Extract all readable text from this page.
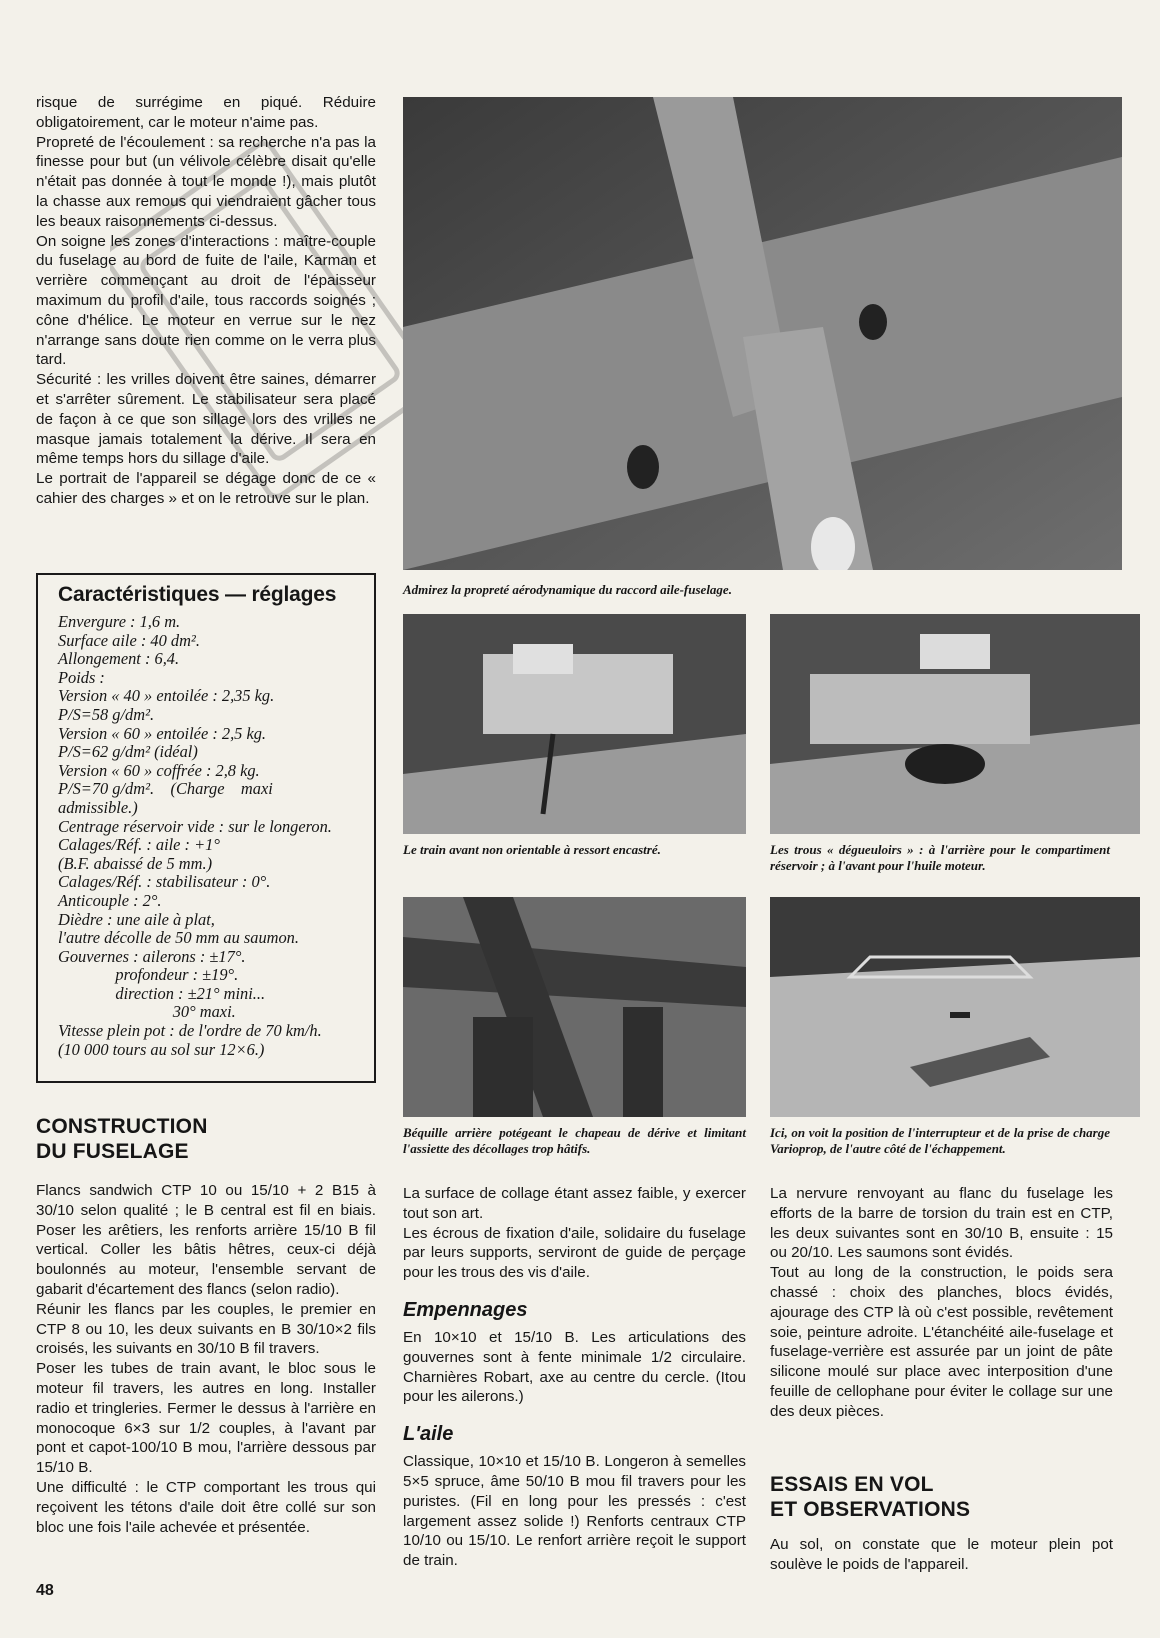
risque de surrégime en piqué. Réduire obligatoirement, car le moteur n'aime pas.

Propreté de l'écoulement : sa recherche n'a pas la finesse pour but (un vélivole célèbre disait qu'elle n'était pas donnée à tout le monde !), mais plutôt la chasse aux remous qui viendraient gâcher tous les beaux raisonnements ci-dessus.

On soigne les zones d'interactions : maître-couple du fuselage au bord de fuite de l'aile, Karman et verrière commençant au droit de l'épaisseur maximum du profil d'aile, tous raccords soignés ; cône d'hélice. Le moteur en verrue sur le nez n'arrange sans doute rien comme on le verra plus tard.

Sécurité : les vrilles doivent être saines, démarrer et s'arrêter sûrement. Le stabilisateur sera placé de façon à ce que son sillage lors des vrilles ne masque jamais totalement la dérive. Il sera en même temps hors du sillage d'aile.

Le portrait de l'appareil se dégage donc de ce « cahier des charges » et on le retrouve sur le plan.

Caractéristiques — réglages

Envergure : 1,6 m.

Surface aile : 40 dm².

Allongement : 6,4.

Poids :

Version « 40 » entoilée : 2,35 kg.

P/S=58 g/dm².

Version « 60 » entoilée : 2,5 kg.

P/S=62 g/dm² (idéal)

Version « 60 » coffrée : 2,8 kg.

P/S=70 g/dm².    (Charge    maxi

admissible.)

Centrage réservoir vide : sur le longeron.

Calages/Réf. : aile : +1°

(B.F. abaissé de 5 mm.)

Calages/Réf. : stabilisateur : 0°.

Anticouple : 2°.

Dièdre : une aile à plat,

l'autre décolle de 50 mm au saumon.

Gouvernes : ailerons : ±17°.

profondeur : ±19°.

direction : ±21° mini...

30° maxi.

Vitesse plein pot : de l'ordre de 70 km/h.

(10 000 tours au sol sur 12×6.)

CONSTRUCTION

DU FUSELAGE

Flancs sandwich CTP 10 ou 15/10 + 2 B15 à 30/10 selon qualité ; le B central est fil en biais. Poser les arêtiers, les renforts arrière 15/10 B fil vertical. Coller les bâtis hêtres, ceux-ci déjà boulonnés au moteur, l'ensemble servant de gabarit d'écartement des flancs (selon radio).

Réunir les flancs par les couples, le premier en CTP 8 ou 10, les deux suivants en B 30/10×2 fils croisés, les suivants en 30/10 B fil travers.

Poser les tubes de train avant, le bloc sous le moteur fil travers, les autres en long. Installer radio et tringleries. Fermer le dessus à l'arrière en monocoque 6×3 sur 1/2 couples, à l'avant par pont et capot-100/10 B mou, l'arrière dessous par 15/10 B.

Une difficulté : le CTP comportant les trous qui reçoivent les tétons d'aile doit être collé sur son bloc une fois l'aile achevée et présentée.

48

Admirez la propreté aérodynamique du raccord aile-fuselage.

Le train avant non orientable à ressort encastré.	Les trous « dégueuloirs » : à l'arrière pour le compartiment réservoir ; à l'avant pour l'huile moteur.

Béquille arrière potégeant le chapeau de dérive et limitant l'assiette des décollages trop hâtifs.

Ici, on voit la position de l'interrupteur et de la prise de charge Varioprop, de l'autre côté de l'échappement.

La surface de collage étant assez faible, y exercer tout son art.

Les écrous de fixation d'aile, solidaire du fuselage par leurs supports, serviront de guide de perçage pour les trous des vis d'aile.

Empennages

En 10×10 et 15/10 B. Les articulations des gouvernes sont à fente minimale 1/2 circulaire. Charnières Robart, axe au centre du cercle. (Itou pour les ailerons.)

L'aile

Classique, 10×10 et 15/10 B. Longeron à semelles 5×5 spruce, âme 50/10 B mou fil travers pour les puristes. (Fil en long pour les pressés : c'est largement assez solide !) Renforts centraux CTP 10/10 ou 15/10. Le renfort arrière reçoit le support de train.

La nervure renvoyant au flanc du fuselage les efforts de la barre de torsion du train est en CTP, les deux suivantes sont en 30/10 B, ensuite : 15 ou 20/10. Les saumons sont évidés.

Tout au long de la construction, le poids sera chassé : choix des planches, blocs évidés, ajourage des CTP là où c'est possible, revêtement soie, peinture adroite. L'étanchéité aile-fuselage et fuselage-verrière est assurée par un joint de pâte silicone moulé sur place avec interposition d'une feuille de cellophane pour éviter le collage sur une des deux pièces.

ESSAIS EN VOL

ET OBSERVATIONS

Au sol, on constate que le moteur plein pot soulève le poids de l'appareil.
